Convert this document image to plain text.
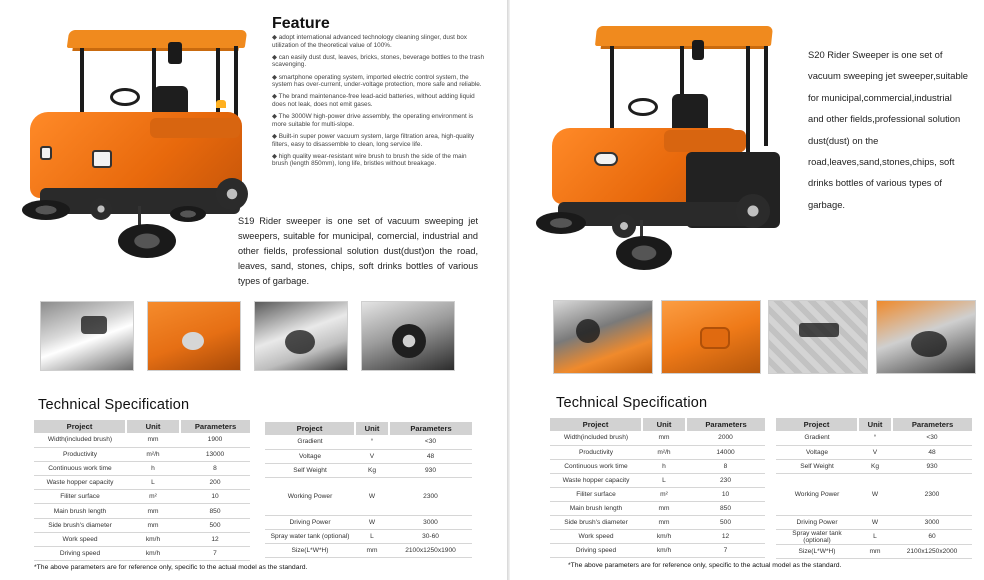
Feature

◆ adopt international advanced technology cleaning slinger, dust box utilization of the theoretical value of 100%.

◆ can easily dust dust, leaves, bricks, stones, beverage bottles to the trash scavenging.

◆ smartphone operating system, imported electric control system, the system has over-current, under-voltage protection, more safe and reliable.

◆ The brand maintenance-free lead-acid batteries, without adding liquid does not leak, does not emit gases.

◆ The 3000W high-power drive assembly, the operating environment is more suitable for multi-slope.

◆ Built-in super power vacuum system, large filtration area, high-quality filters, easy to disassemble to clean, long service life.

◆ high quality wear-resistant wire brush to brush the side of the main brush (length 850mm), long life, bristles without breakage.

S19 Rider sweeper is one set of vacuum sweeping jet sweepers, suitable for municipal, comercial, industrial and other fields, professional solution dust(dust)on the road, leaves, sand, stones, chips, soft drinks bottles of various types of garbage.

Technical Specification
Project	Unit	Parameters
Width(included brush)	mm	1900
Productivity	m²/h	13000
Continuous work time	h	8
Waste hopper capacity	L	200
Filiter surface	m²	10
Main brush length	mm	850
Side brush's diameter	mm	500
Work speed	km/h	12
Driving speed	km/h	7
Project	Unit	Parameters
Gradient	°	<30
Voltage	V	48
Self Weight	Kg	930
Working Power	W	2300
Driving Power	W	3000
Spray water tank (optional)	L	30-60
Size(L*W*H)	mm	2100x1250x1900
*The above parameters are for reference only, specific to the actual model as the standard.

S20 Rider Sweeper is one set of vacuum sweeping jet sweeper,suitable for municipal,commercial,industrial and other fields,professional solution dust(dust) on the road,leaves,sand,stones,chips, soft drinks bottles of various types of garbage.

Technical Specification
Project	Unit	Parameters
Width(included brush)	mm	2000
Productivity	m²/h	14000
Continuous work time	h	8
Waste hopper capacity	L	230
Filiter surface	m²	10
Main brush length	mm	850
Side brush's diameter	mm	500
Work speed	km/h	12
Driving speed	km/h	7
Project	Unit	Parameters
Gradient	°	<30
Voltage	V	48
Self Weight	Kg	930
Working Power	W	2300
Driving Power	W	3000
Spray water tank (optional)	L	60
Size(L*W*H)	mm	2100x1250x2000
*The above parameters are for reference only, specific to the actual model as the standard.
